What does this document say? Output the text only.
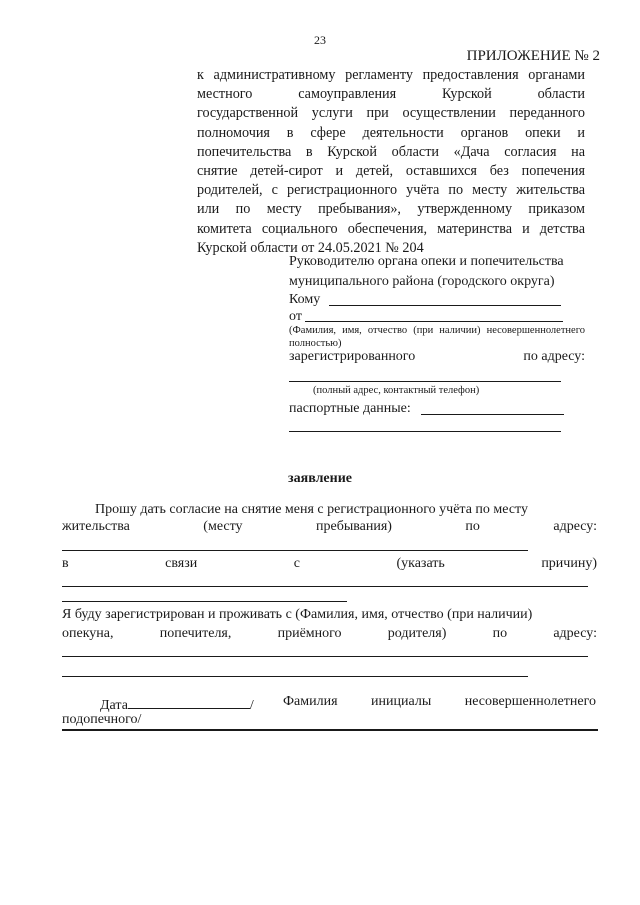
23
ПРИЛОЖЕНИЕ № 2
к административному регламенту предоставления органами
местного самоуправления Курской области
государственной услуги при осуществлении переданного
полномочия в сфере деятельности органов опеки и
попечительства в Курской области «Дача согласия на
снятие детей-сирот и детей, оставшихся без попечения
родителей, с регистрационного учёта по месту жительства
или по месту пребывания», утвержденному приказом
комитета социального обеспечения, материнства и детства
Курской области от 24.05.2021 № 204
Руководителю органа опеки и попечительства
муниципального района (городского округа)
Кому
от
(Фамилия, имя, отчество (при наличии) несовершеннолетнего полностью)
зарегистрированного	по адресу:
(полный адрес, контактный телефон)
паспортные данные:
заявление
Прошу дать согласие на снятие меня с регистрационного учёта по месту
жительства	(месту	пребывания)	по	адресу:
в	связи	с	(указать	причину)
Я буду зарегистрирован и проживать с (Фамилия, имя, отчество (при наличии)
опекуна,	попечителя,	приёмного	родителя)	по	адресу:
Дата	/ Фамилия инициалы несовершеннолетнего
подопечного/
